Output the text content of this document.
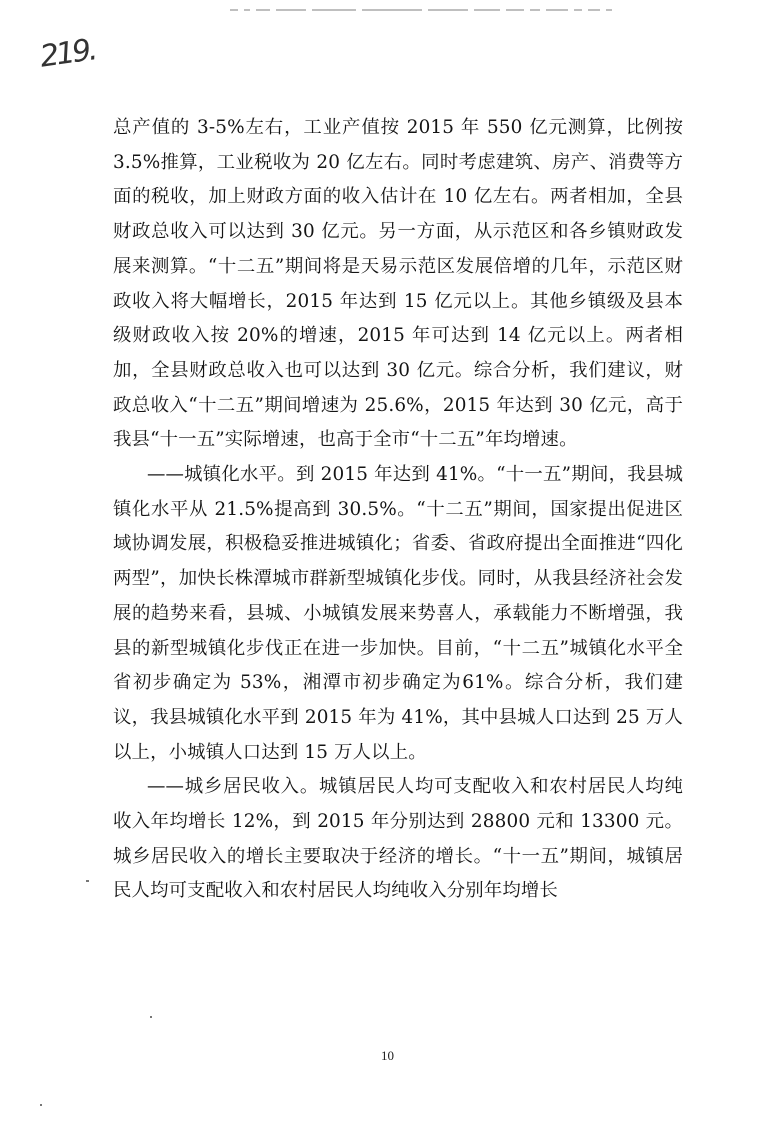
219.

总产值的 3-5%左右，工业产值按 2015 年 550 亿元测算，比例按 3.5%推算，工业税收为 20 亿左右。同时考虑建筑、房产、消费等方面的税收，加上财政方面的收入估计在 10 亿左右。两者相加，全县财政总收入可以达到 30 亿元。另一方面，从示范区和各乡镇财政发展来测算。“十二五”期间将是天易示范区发展倍增的几年，示范区财政收入将大幅增长，2015 年达到 15 亿元以上。其他乡镇级及县本级财政收入按 20%的增速，2015 年可达到 14 亿元以上。两者相加，全县财政总收入也可以达到 30 亿元。综合分析，我们建议，财政总收入“十二五”期间增速为 25.6%，2015 年达到 30 亿元，高于我县“十一五”实际增速，也高于全市“十二五”年均增速。

——城镇化水平。到 2015 年达到 41%。“十一五”期间，我县城镇化水平从 21.5%提高到 30.5%。“十二五”期间，国家提出促进区域协调发展，积极稳妥推进城镇化；省委、省政府提出全面推进“四化两型”，加快长株潭城市群新型城镇化步伐。同时，从我县经济社会发展的趋势来看，县城、小城镇发展来势喜人，承载能力不断增强，我县的新型城镇化步伐正在进一步加快。目前，“十二五”城镇化水平全省初步确定为 53%，湘潭市初步确定为61%。综合分析，我们建议，我县城镇化水平到 2015 年为 41%，其中县城人口达到 25 万人以上，小城镇人口达到 15 万人以上。

——城乡居民收入。城镇居民人均可支配收入和农村居民人均纯收入年均增长 12%，到 2015 年分别达到 28800 元和 13300 元。城乡居民收入的增长主要取决于经济的增长。“十一五”期间，城镇居民人均可支配收入和农村居民人均纯收入分别年均增长

10
